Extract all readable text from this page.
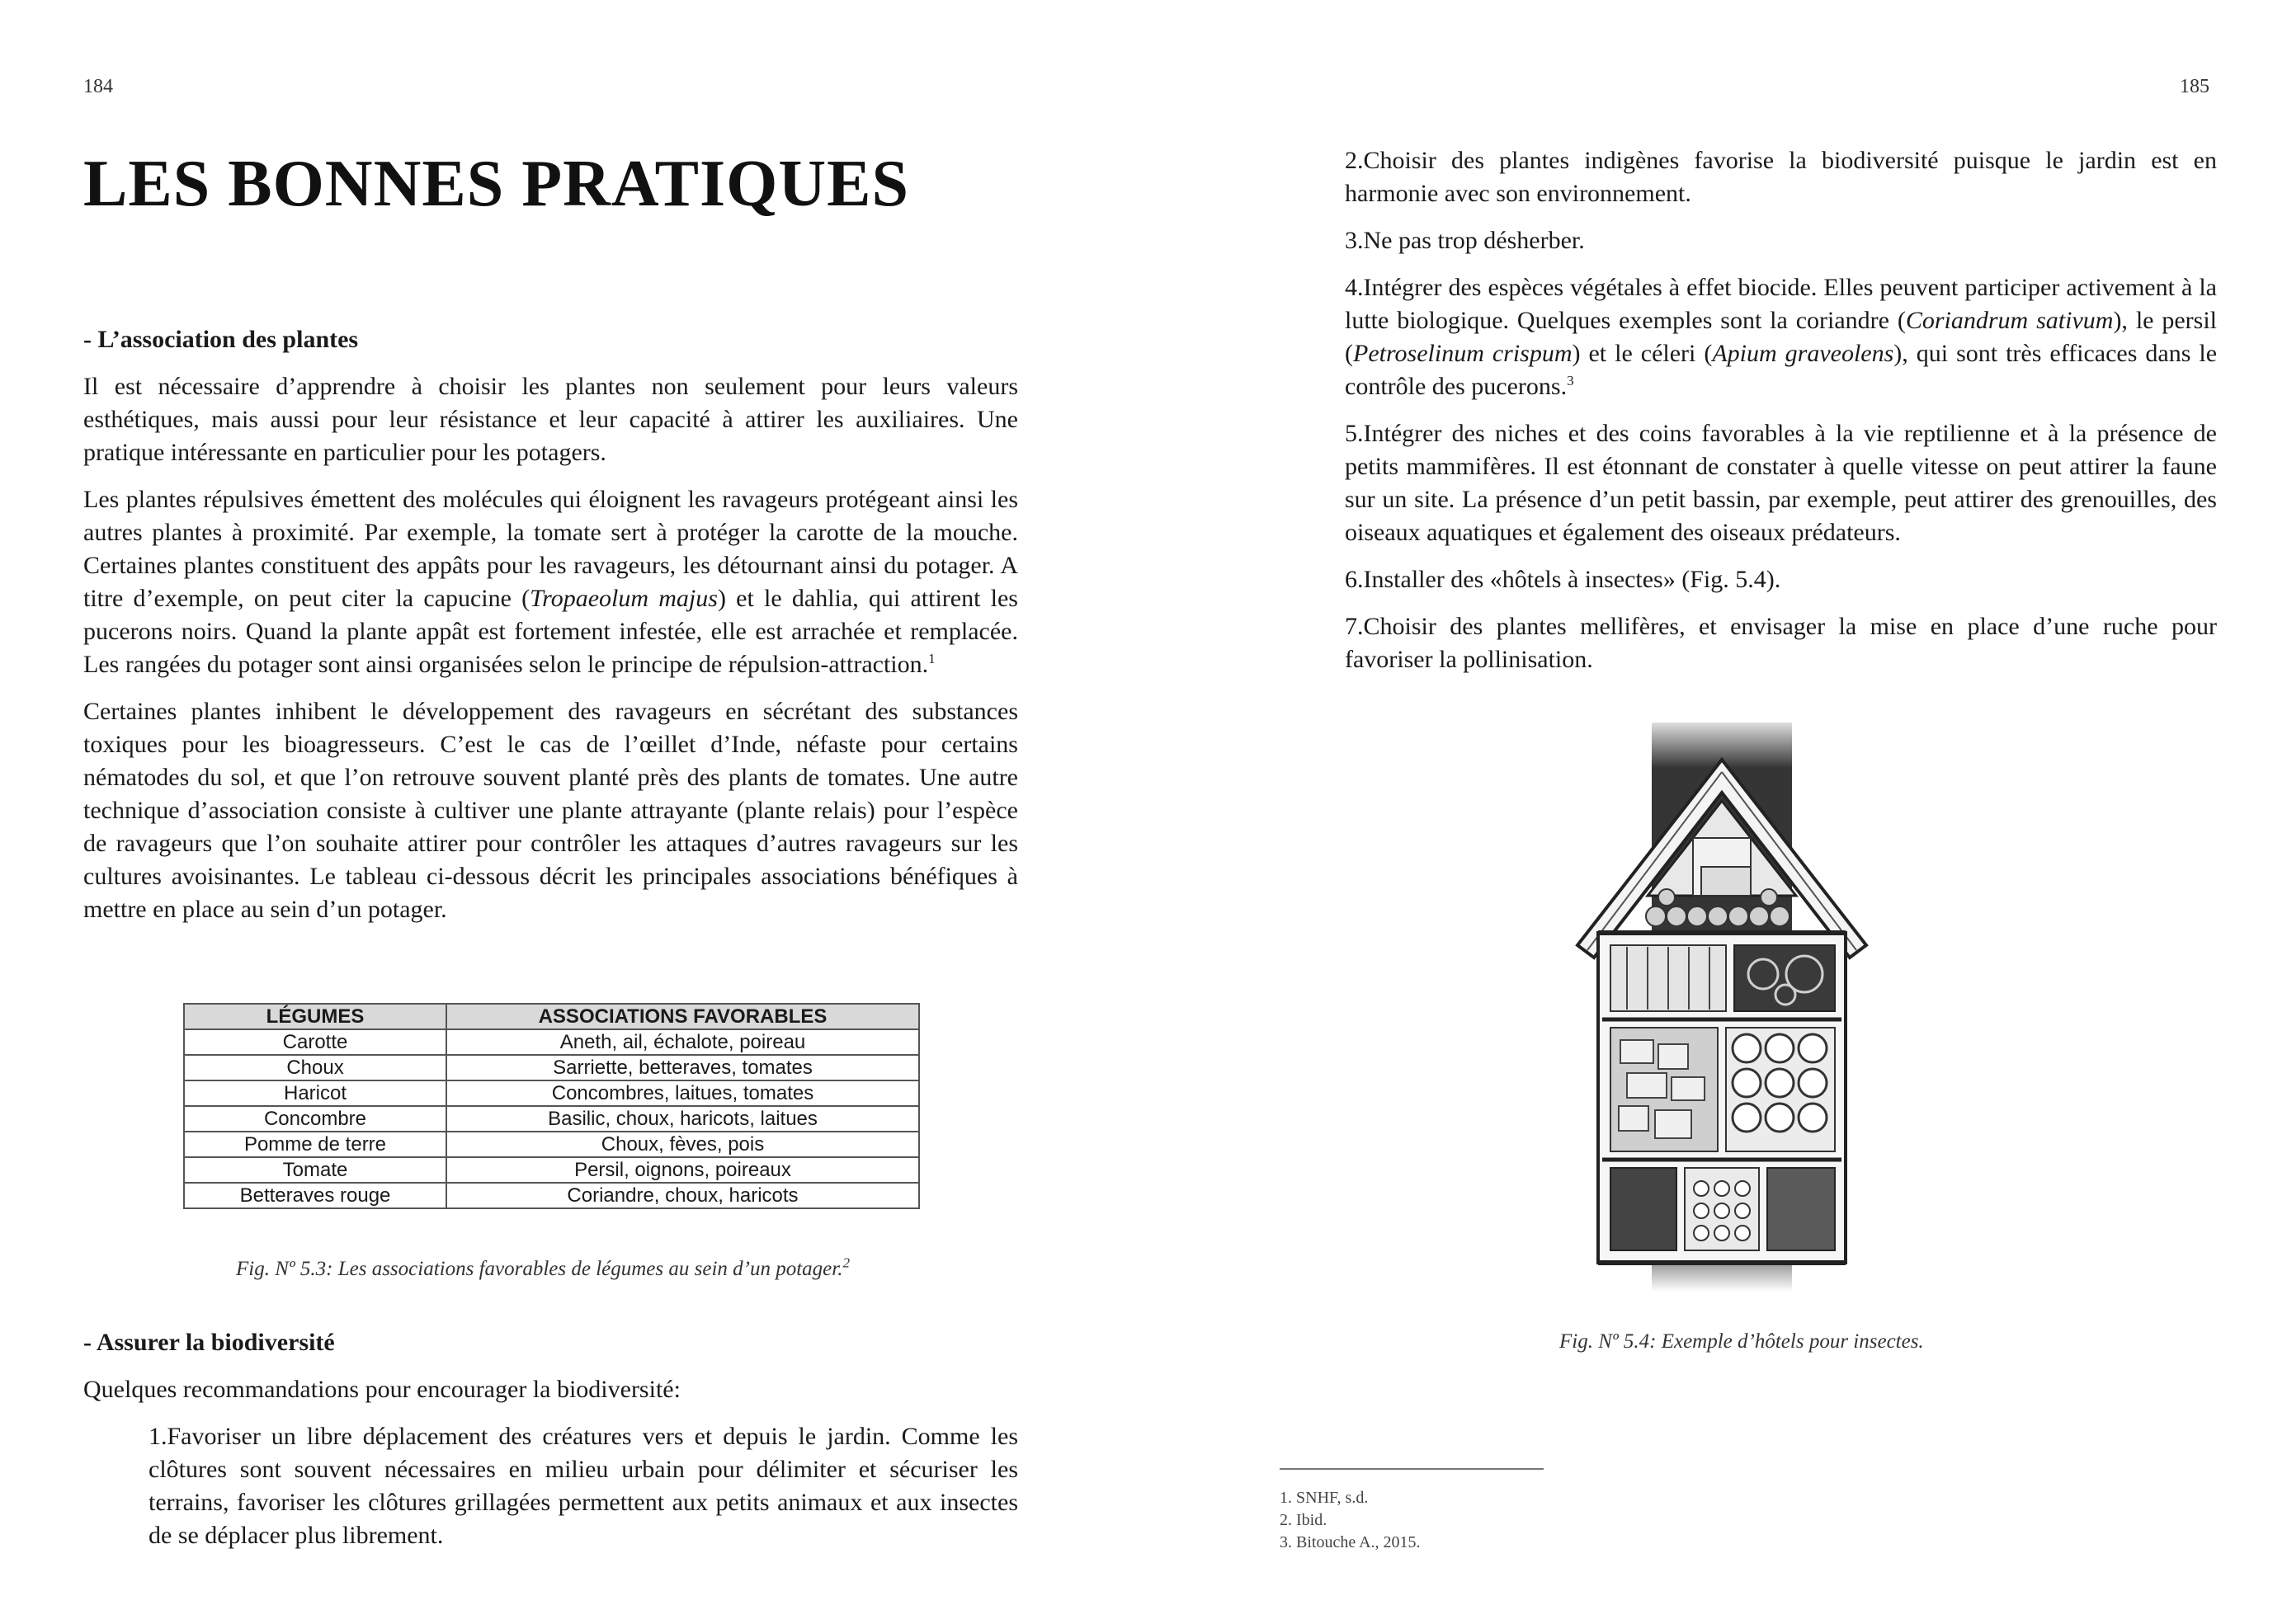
184
LES BONNES PRATIQUES

- L’association des plantes

Il est nécessaire d’apprendre à choisir les plantes non seulement pour leurs valeurs esthétiques, mais aussi pour leur résistance et leur capacité à attirer les auxiliaires. Une pratique intéressante en particulier pour les potagers.

Les plantes répulsives émettent des molécules qui éloignent les ravageurs protégeant ainsi les autres plantes à proximité. Par exemple, la tomate sert à protéger la carotte de la mouche. Certaines plantes constituent des appâts pour les ravageurs, les détournant ainsi du potager. A titre d’exemple, on peut citer la capucine (Tropaeolum majus) et le dahlia, qui attirent les pucerons noirs. Quand la plante appât est fortement infestée, elle est arrachée et remplacée. Les rangées du potager sont ainsi organisées selon le principe de répulsion-attraction.$^1$

Certaines plantes inhibent le développement des ravageurs en sécrétant des substances toxiques pour les bioagresseurs. C’est le cas de l’œillet d’Inde, néfaste pour certains nématodes du sol, et que l’on retrouve souvent planté près des plants de tomates. Une autre technique d’association consiste à cultiver une plante attrayante (plante relais) pour l’espèce de ravageurs que l’on souhaite attirer pour contrôler les attaques d’autres ravageurs sur les cultures avoisinantes. Le tableau ci-dessous décrit les principales associations bénéfiques à mettre en place au sein d’un potager.

LÉGUMES	ASSOCIATIONS FAVORABLES
Carotte	Aneth, ail, échalote, poireau
Choux	Sarriette, betteraves, tomates
Haricot	Concombres, laitues, tomates
Concombre	Basilic, choux, haricots, laitues
Pomme de terre	Choux, fèves, pois
Tomate	Persil, oignons, poireaux
Betteraves rouge	Coriandre, choux, haricots
Fig. Nº 5.3: Les associations favorables de légumes au sein d’un potager.$^2$

- Assurer la biodiversité

Quelques recommandations pour encourager la biodiversité:

1.Favoriser un libre déplacement des créatures vers et depuis le jardin. Comme les clôtures sont souvent nécessaires en milieu urbain pour délimiter et sécuriser les terrains, favoriser les clôtures grillagées permettent aux petits animaux et aux insectes de se déplacer plus librement.

185

2.Choisir des plantes indigènes favorise la biodiversité puisque le jardin est en harmonie avec son environnement.

3.Ne pas trop désherber.

4.Intégrer des espèces végétales à effet biocide. Elles peuvent participer activement à la lutte biologique. Quelques exemples sont la coriandre (Coriandrum sativum), le persil (Petroselinum crispum) et le céleri (Apium graveolens), qui sont très efficaces dans le contrôle des pucerons.$^3$

5.Intégrer des niches et des coins favorables à la vie reptilienne et à la présence de petits mammifères. Il est étonnant de constater à quelle vitesse on peut attirer la faune sur un site. La présence d’un petit bassin, par exemple, peut attirer des grenouilles, des oiseaux aquatiques et également des oiseaux prédateurs.

6.Installer des «hôtels à insectes» (Fig. 5.4).

7.Choisir des plantes mellifères, et envisager la mise en place d’une ruche pour favoriser la pollinisation.

Fig. Nº 5.4: Exemple d’hôtels pour insectes.
1. SNHF, s.d.
2. Ibid.
3. Bitouche A., 2015.
